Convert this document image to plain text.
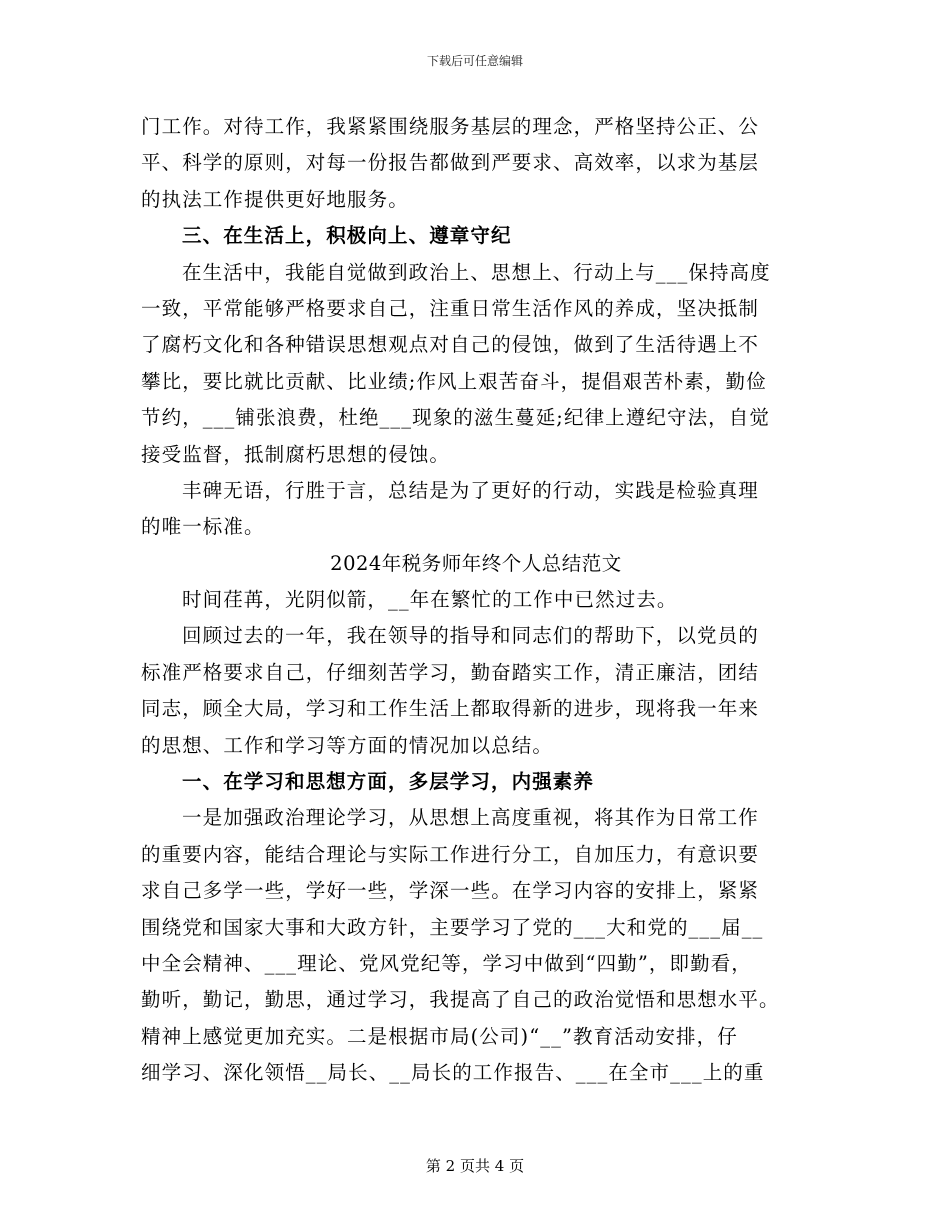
下载后可任意编辑
门工作。对待工作，我紧紧围绕服务基层的理念，严格坚持公正、公
平、科学的原则，对每一份报告都做到严要求、高效率，以求为基层
的执法工作提供更好地服务。
三、在生活上，积极向上、遵章守纪
在生活中，我能自觉做到政治上、思想上、行动上与___保持高度
一致，平常能够严格要求自己，注重日常生活作风的养成，坚决抵制
了腐朽文化和各种错误思想观点对自己的侵蚀，做到了生活待遇上不
攀比，要比就比贡献、比业绩;作风上艰苦奋斗，提倡艰苦朴素，勤俭
节约，___铺张浪费，杜绝___现象的滋生蔓延;纪律上遵纪守法，自觉
接受监督，抵制腐朽思想的侵蚀。
丰碑无语，行胜于言，总结是为了更好的行动，实践是检验真理
的唯一标准。
2024年税务师年终个人总结范文
时间荏苒，光阴似箭，__年在繁忙的工作中已然过去。
回顾过去的一年，我在领导的指导和同志们的帮助下，以党员的
标准严格要求自己，仔细刻苦学习，勤奋踏实工作，清正廉洁，团结
同志，顾全大局，学习和工作生活上都取得新的进步，现将我一年来
的思想、工作和学习等方面的情况加以总结。
一、在学习和思想方面，多层学习，内强素养
一是加强政治理论学习，从思想上高度重视，将其作为日常工作
的重要内容，能结合理论与实际工作进行分工，自加压力，有意识要
求自己多学一些，学好一些，学深一些。在学习内容的安排上，紧紧
围绕党和国家大事和大政方针，主要学习了党的___大和党的___届__
中全会精神、___理论、党风党纪等，学习中做到“四勤”，即勤看，
勤听，勤记，勤思，通过学习，我提高了自己的政治觉悟和思想水平。
精神上感觉更加充实。二是根据市局(公司)“__”教育活动安排，仔
细学习、深化领悟__局长、__局长的工作报告、___在全市___上的重
第 2 页共 4 页
